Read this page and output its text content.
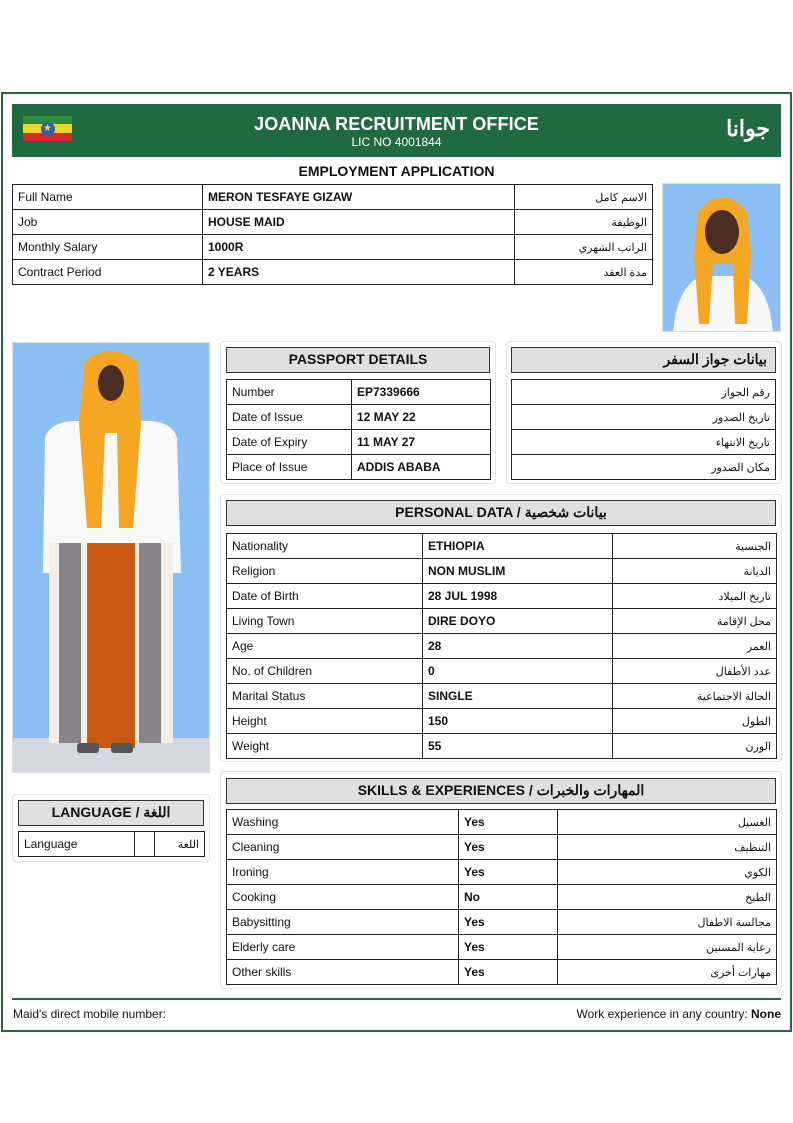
★	JOANNA RECRUITMENT OFFICE
LIC NO 4001844
جوانا
EMPLOYMENT APPLICATION
Full Name	MERON TESFAYE GIZAW	الاسم كامل
Job	HOUSE MAID	الوظيفة
Monthly Salary	1000R	الراتب الشهري
Contract Period	2 YEARS	مدة العقد
PASSPORT DETAILS
Number	EP7339666
Date of Issue	12 MAY 22
Date of Expiry	11 MAY 27
Place of Issue	ADDIS ABABA
بيانات جواز السفر
رقم الجواز
تاريخ الصدور
تاريخ الانتهاء
مكان الصدور
PERSONAL DATA / بيانات شخصية
Nationality	ETHIOPIA	الجنسية
Religion	NON MUSLIM	الديانة
Date of Birth	28 JUL 1998	تاريخ الميلاد
Living Town	DIRE DOYO	محل الإقامة
Age	28	العمر
No. of Children	0	عدد الأطفال
Marital Status	SINGLE	الحالة الاجتماعية
Height	150	الطول
Weight	55	الوزن
SKILLS & EXPERIENCES / المهارات والخبرات
Washing	Yes	الغسيل
Cleaning	Yes	التنظيف
Ironing	Yes	الكوي
Cooking	No	الطبخ
Babysitting	Yes	مجالسة الاطفال
Elderly care	Yes	رعاية المسنين
Other skills	Yes	مهارات أخرى
LANGUAGE / اللغة
Language		اللغة
Maid's direct mobile number:	Work experience in any country: None
